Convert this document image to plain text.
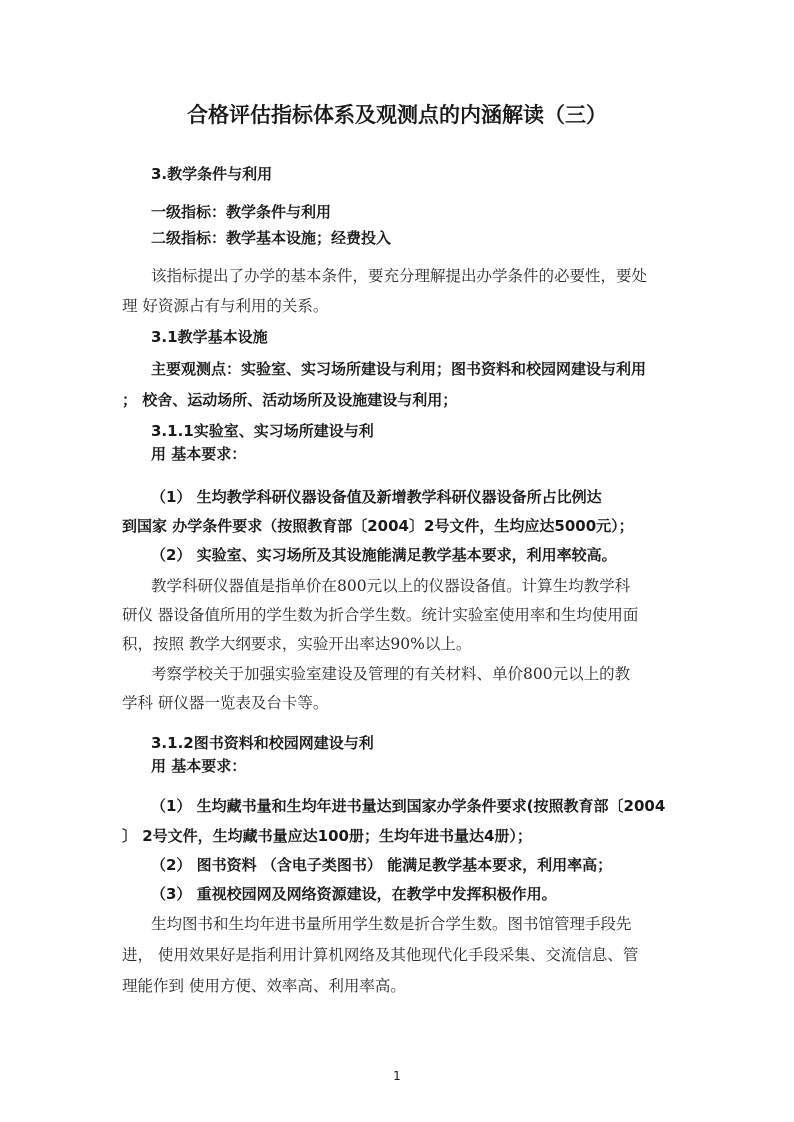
合格评估指标体系及观测点的内涵解读（三）
3.教学条件与利用
一级指标：教学条件与利用
二级指标：教学基本设施；经费投入
该指标提出了办学的基本条件，要充分理解提出办学条件的必要性，要处
理 好资源占有与利用的关系。
3.1教学基本设施
主要观测点：实验室、实习场所建设与利用；图书资料和校园网建设与利用
； 校舍、运动场所、活动场所及设施建设与利用；
3.1.1实验室、实习场所建设与利
用 基本要求：
（1） 生均教学科研仪器设备值及新增教学科研仪器设备所占比例达
到国家 办学条件要求（按照教育部〔2004〕2号文件，生均应达5000元）；
（2） 实验室、实习场所及其设施能满足教学基本要求，利用率较高。
教学科研仪器值是指单价在800元以上的仪器设备值。计算生均教学科
研仪 器设备值所用的学生数为折合学生数。统计实验室使用率和生均使用面
积，按照 教学大纲要求，实验开出率达90%以上。
考察学校关于加强实验室建设及管理的有关材料、单价800元以上的教
学科 研仪器一览表及台卡等。
3.1.2图书资料和校园网建设与利
用 基本要求：
（1） 生均藏书量和生均年进书量达到国家办学条件要求(按照教育部〔2004
〕 2号文件，生均藏书量应达100册；生均年进书量达4册）；
（2） 图书资料 （含电子类图书） 能满足教学基本要求，利用率高；
（3） 重视校园网及网络资源建设，在教学中发挥积极作用。
生均图书和生均年进书量所用学生数是折合学生数。图书馆管理手段先
进， 使用效果好是指利用计算机网络及其他现代化手段采集、交流信息、管
理能作到 使用方便、效率高、利用率高。
1
